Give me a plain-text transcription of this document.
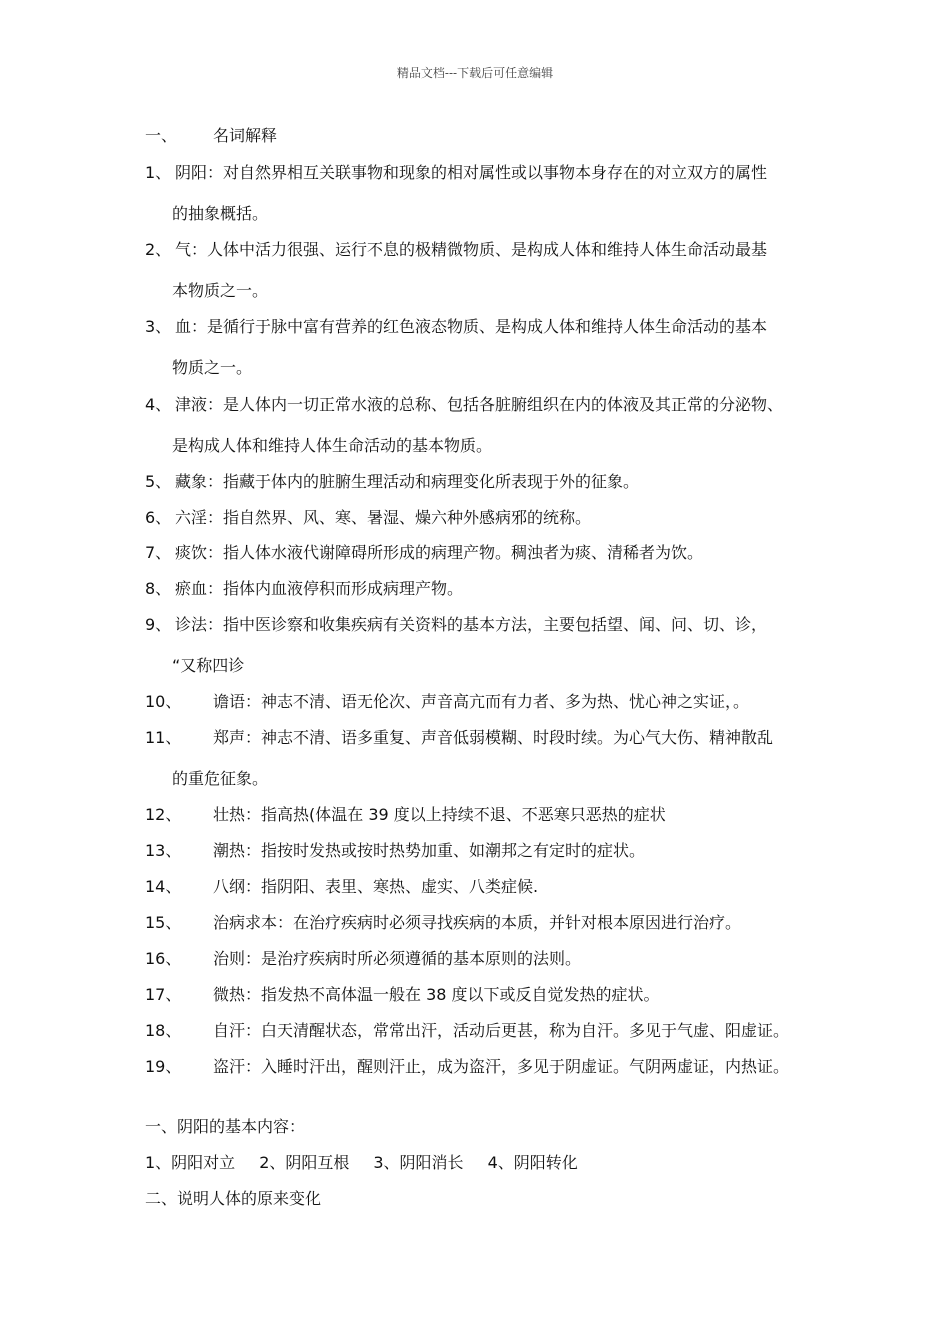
精品文档---下载后可任意编辑
一、 名词解释
1、 阴阳：对自然界相互关联事物和现象的相对属性或以事物本身存在的对立双方的属性
的抽象概括。
2、 气：人体中活力很强、运行不息的极精微物质、是构成人体和维持人体生命活动最基
本物质之一。
3、 血：是循行于脉中富有营养的红色液态物质、是构成人体和维持人体生命活动的基本
物质之一。
4、 津液：是人体内一切正常水液的总称、包括各脏腑组织在内的体液及其正常的分泌物、
是构成人体和维持人体生命活动的基本物质。
5、 藏象：指藏于体内的脏腑生理活动和病理变化所表现于外的征象。
6、 六淫：指自然界、风、寒、暑湿、燥六种外感病邪的统称。
7、 痰饮：指人体水液代谢障碍所形成的病理产物。稠浊者为痰、清稀者为饮。
8、 瘀血：指体内血液停积而形成病理产物。
9、 诊法：指中医诊察和收集疾病有关资料的基本方法，主要包括望、闻、问、切、诊，
“又称四诊
10、 谵语：神志不清、语无伦次、声音高亢而有力者、多为热、忧心神之实证，。
11、 郑声：神志不清、语多重复、声音低弱模糊、时段时续。为心气大伤、精神散乱
的重危征象。
12、 壮热：指高热(体温在 39 度以上持续不退、不恶寒只恶热的症状
13、 潮热：指按时发热或按时热势加重、如潮邦之有定时的症状。
14、 八纲：指阴阳、表里、寒热、虚实、八类症候.
15、 治病求本：在治疗疾病时必须寻找疾病的本质，并针对根本原因进行治疗。
16、 治则：是治疗疾病时所必须遵循的基本原则的法则。
17、 微热：指发热不高体温一般在 38 度以下或反自觉发热的症状。
18、 自汗：白天清醒状态，常常出汗，活动后更甚，称为自汗。多见于气虚、阳虚证。
19、 盗汗：入睡时汗出，醒则汗止，成为盗汗，多见于阴虚证。气阴两虚证，内热证。
一、阴阳的基本内容：
1、阴阳对立 2、阴阳互根 3、阴阳消长 4、阴阳转化
二、说明人体的原来变化
